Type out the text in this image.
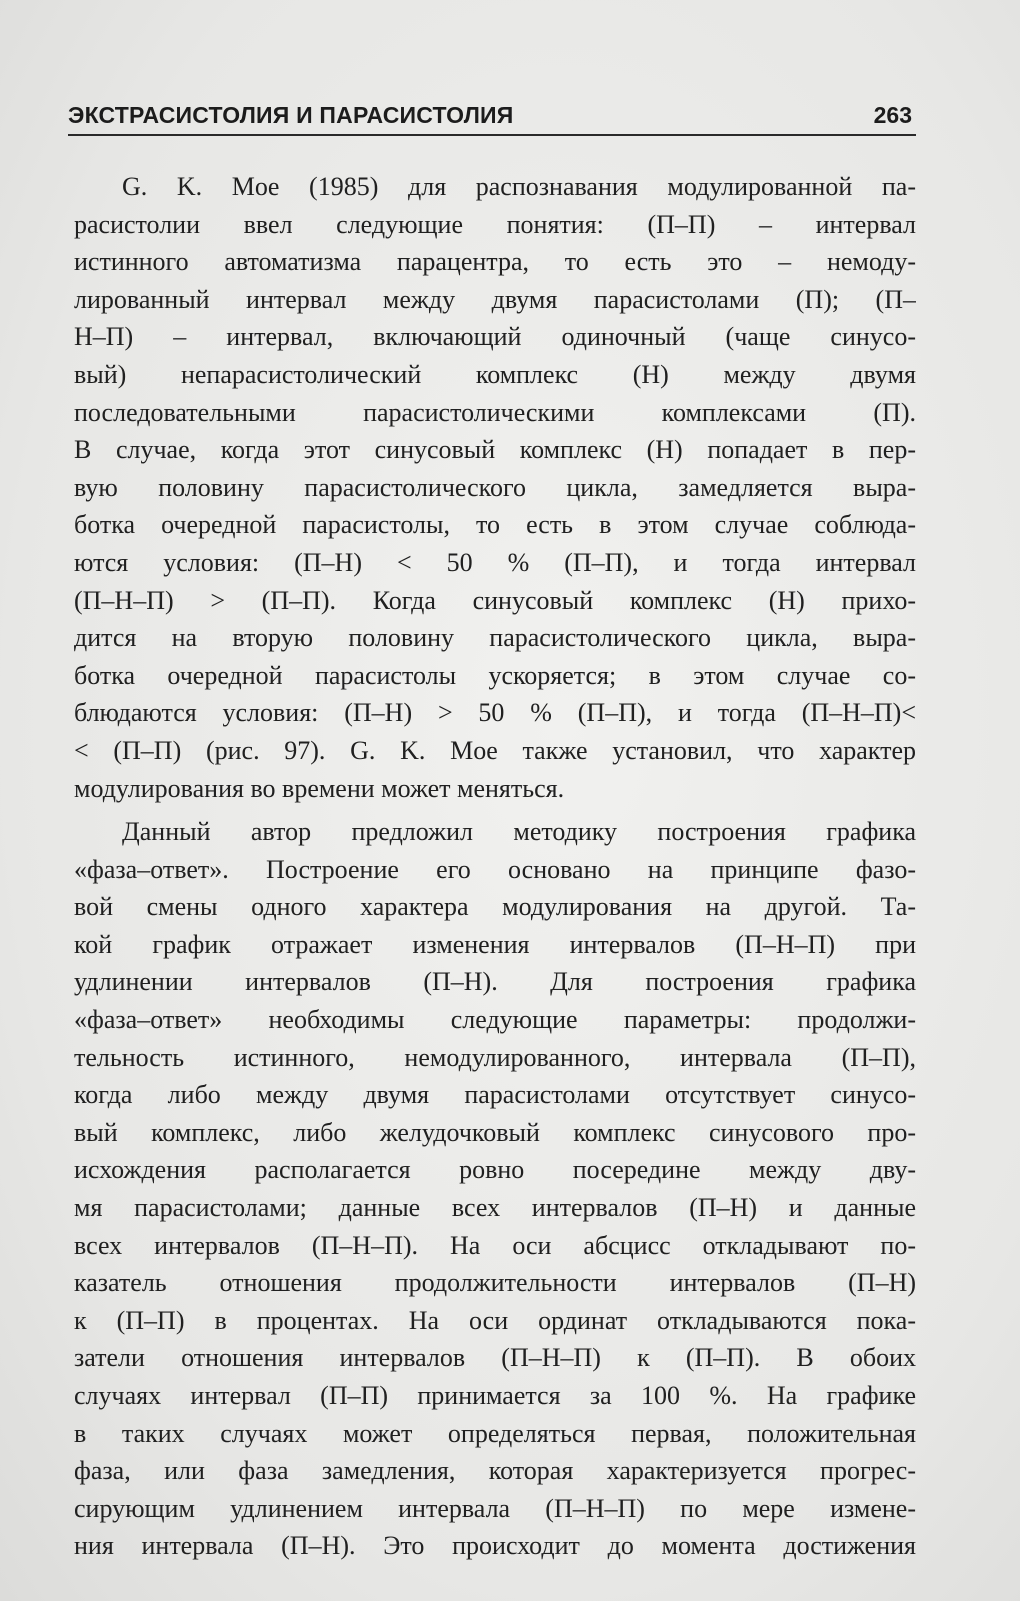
ЭКСТРАСИСТОЛИЯ И ПАРАСИСТОЛИЯ	263
G. K. Moe (1985) для распознавания модулированной па-
расистолии ввел следующие понятия: (П–П) – интервал
истинного автоматизма парацентра, то есть это – немоду-
лированный интервал между двумя парасистолами (П); (П–
Н–П) – интервал, включающий одиночный (чаще синусо-
вый) непарасистолический комплекс (Н) между двумя
последовательными парасистолическими комплексами (П).
В случае, когда этот синусовый комплекс (Н) попадает в пер-
вую половину парасистолического цикла, замедляется выра-
ботка очередной парасистолы, то есть в этом случае соблюда-
ются условия: (П–Н) < 50 % (П–П), и тогда интервал
(П–Н–П) > (П–П). Когда синусовый комплекс (Н) прихо-
дится на вторую половину парасистолического цикла, выра-
ботка очередной парасистолы ускоряется; в этом случае со-
блюдаются условия: (П–Н) > 50 % (П–П), и тогда (П–Н–П)<
< (П–П) (рис. 97). G. K. Moe также установил, что характер
модулирования во времени может меняться.
Данный автор предложил методику построения графика
«фаза–ответ». Построение его основано на принципе фазо-
вой смены одного характера модулирования на другой. Та-
кой график отражает изменения интервалов (П–Н–П) при
удлинении интервалов (П–Н). Для построения графика
«фаза–ответ» необходимы следующие параметры: продолжи-
тельность истинного, немодулированного, интервала (П–П),
когда либо между двумя парасистолами отсутствует синусо-
вый комплекс, либо желудочковый комплекс синусового про-
исхождения располагается ровно посередине между дву-
мя парасистолами; данные всех интервалов (П–Н) и данные
всех интервалов (П–Н–П). На оси абсцисс откладывают по-
казатель отношения продолжительности интервалов (П–Н)
к (П–П) в процентах. На оси ординат откладываются пока-
затели отношения интервалов (П–Н–П) к (П–П). В обоих
случаях интервал (П–П) принимается за 100 %. На графике
в таких случаях может определяться первая, положительная
фаза, или фаза замедления, которая характеризуется прогрес-
сирующим удлинением интервала (П–Н–П) по мере измене-
ния интервала (П–Н). Это происходит до момента достижения
